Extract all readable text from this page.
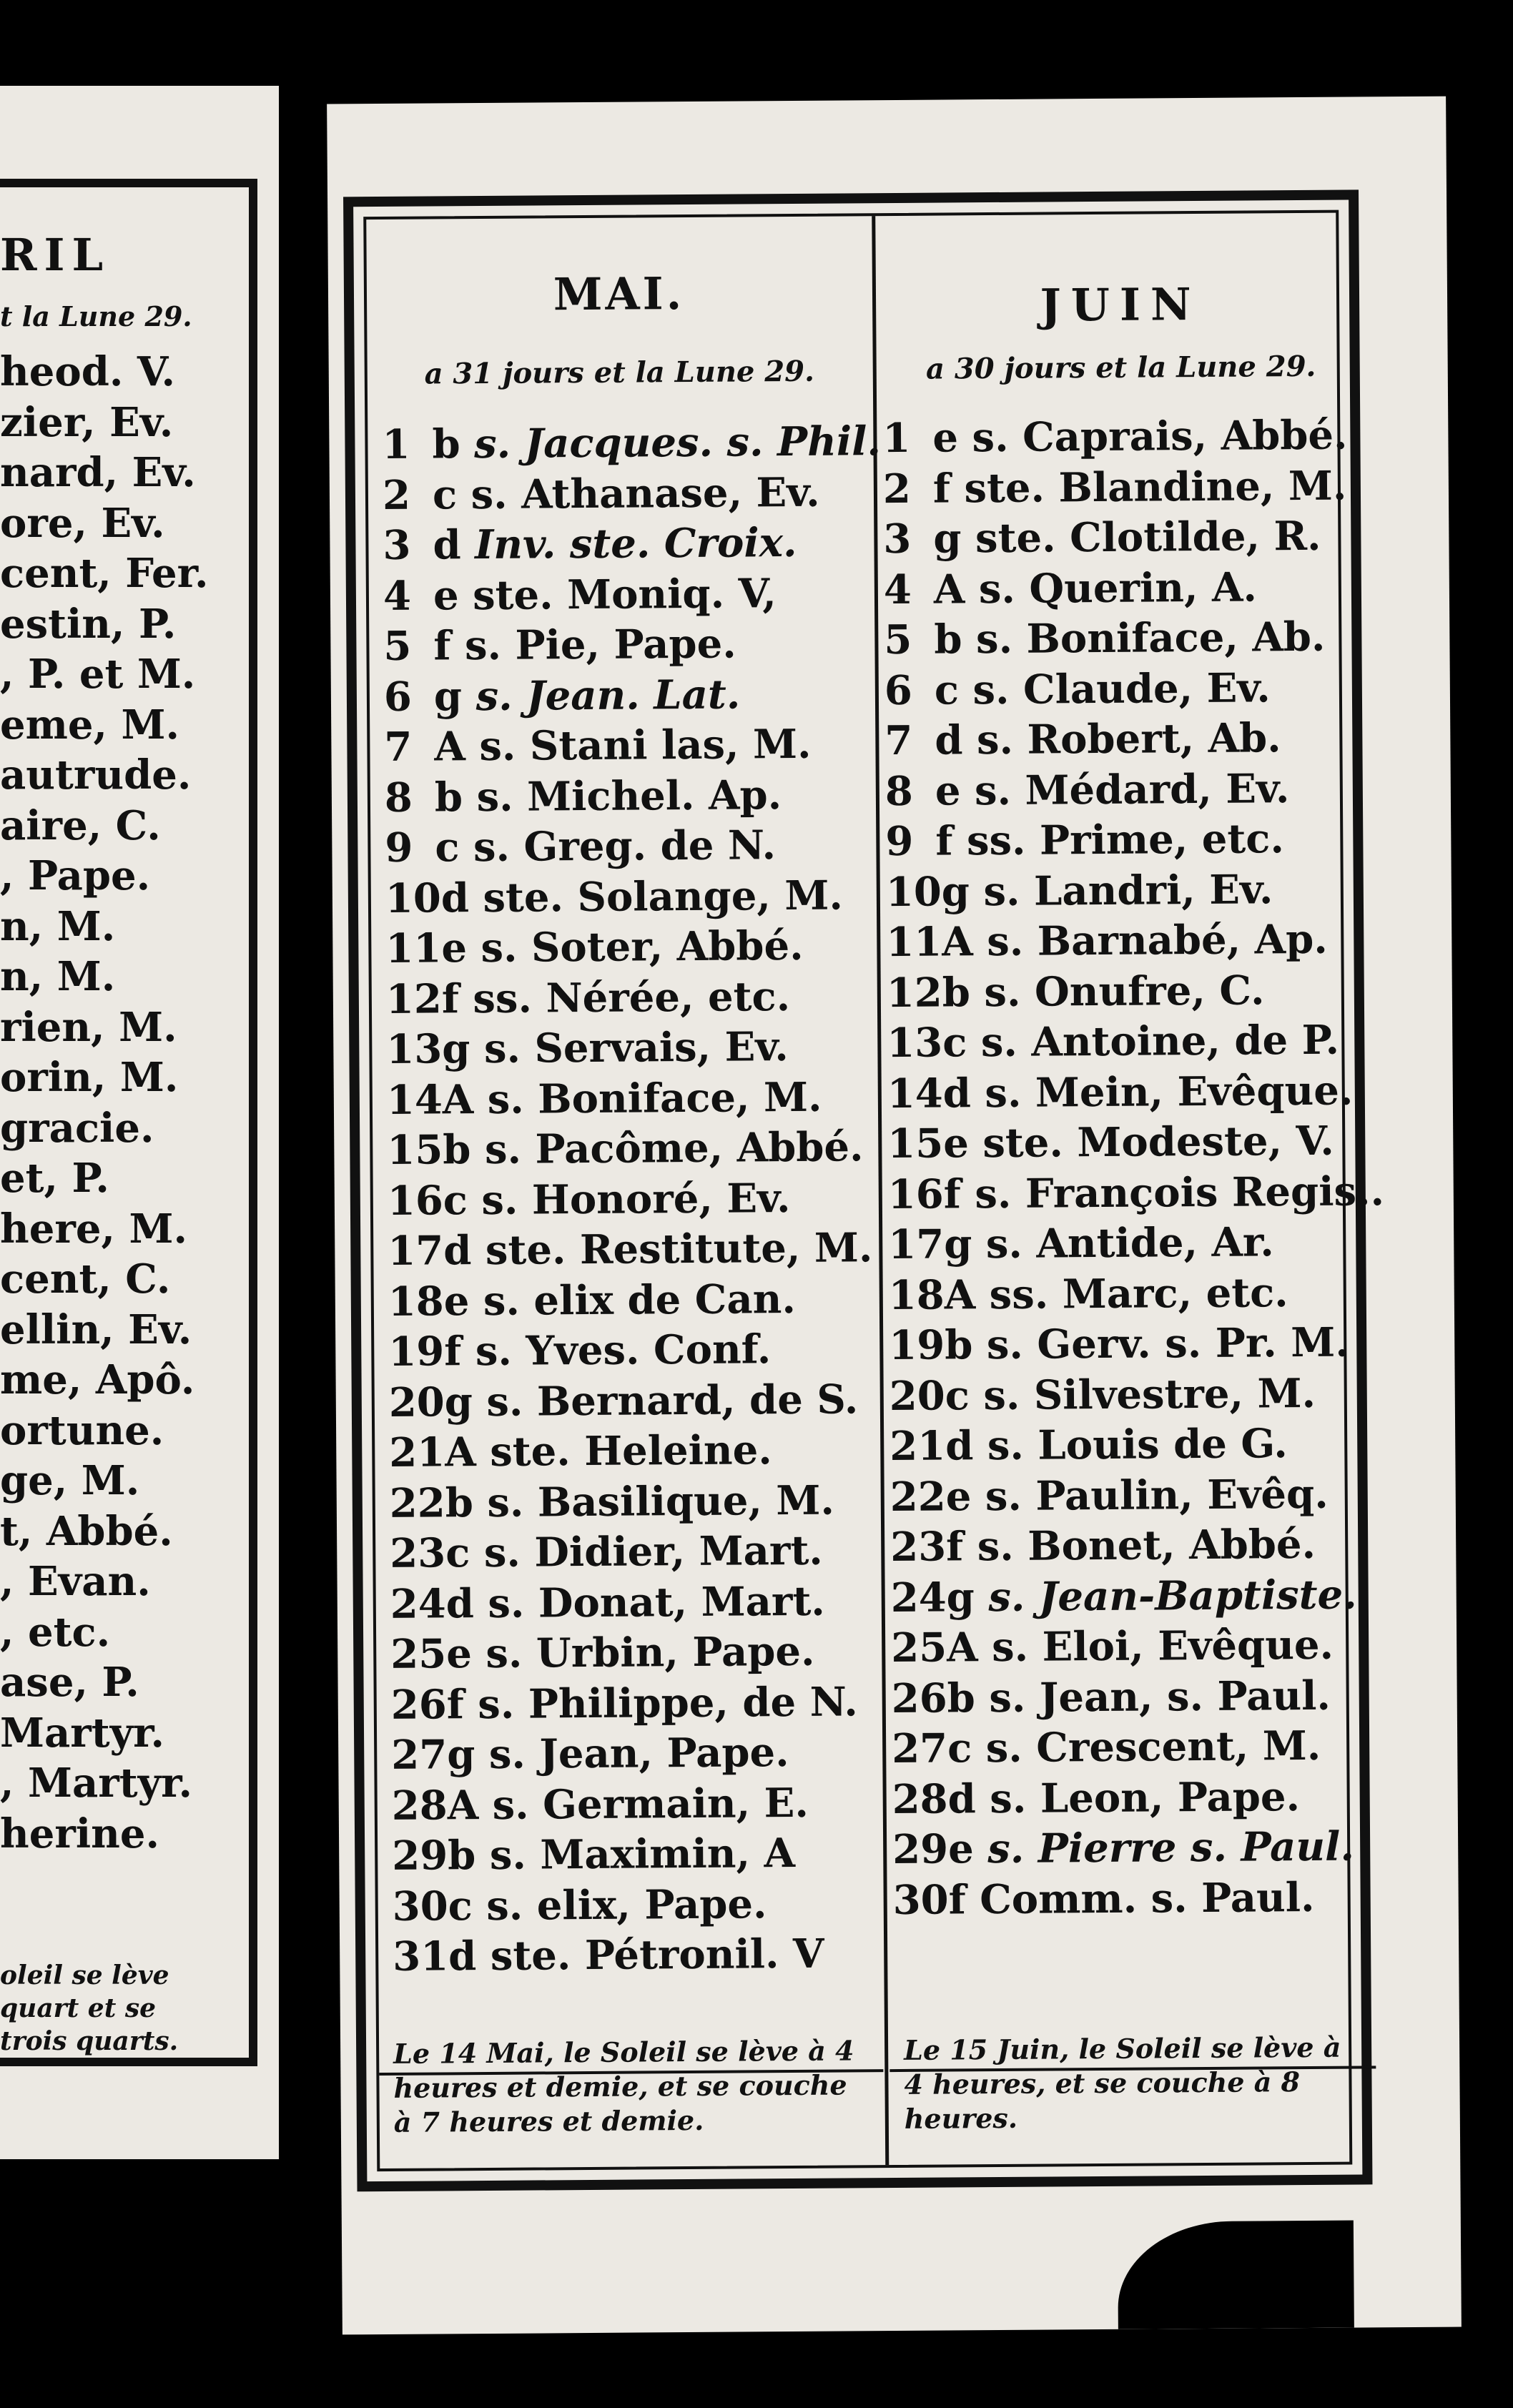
RIL
t la Lune 29.
heod. V.
zier, Ev.
nard, Ev.
ore, Ev.
cent, Fer.
estin, P.
, P. et M.
eme, M.
autrude.
aire, C.
, Pape.
n, M.
n, M.
rien, M.
orin, M.
gracie.
et, P.
here, M.
cent, C.
ellin, Ev.
me, Apô.
ortune.
ge, M.
t, Abbé.
, Evan.
, etc.
ase, P.
Martyr.
, Martyr.
herine.
oleil se lève
quart et se
trois quarts.
MAI.
a 31 jours et la Lune 29.
1 b s. Jacques. s. Phil.
2 c s. Athanase, Ev.
3 d Inv. ste. Croix.
4 e ste. Moniq. V,
5 f s. Pie, Pape.
6 g s. Jean. Lat.
7 A s. Stani las, M.
8 b s. Michel. Ap.
9 c s. Greg. de N.
10d ste. Solange, M.
11e s. Soter, Abbé.
12f ss. Nérée, etc.
13g s. Servais, Ev.
14A s. Boniface, M.
15b s. Pacôme, Abbé.
16c s. Honoré, Ev.
17d ste. Restitute, M.
18e s. elix de Can.
19f s. Yves. Conf.
20g s. Bernard, de S.
21A ste. Heleine.
22b s. Basilique, M.
23c s. Didier, Mart.
24d s. Donat, Mart.
25e s. Urbin, Pape.
26f s. Philippe, de N.
27g s. Jean, Pape.
28A s. Germain, E.
29b s. Maximin, A
30c s. elix, Pape.
31d ste. Pétronil. V
Le 14 Mai, le Soleil se lève à 4 heures et demie, et se couche à 7 heures et demie.
JUIN
a 30 jours et la Lune 29.
1 e s. Caprais, Abbé.
2 f ste. Blandine, M.
3 g ste. Clotilde, R.
4 A s. Querin, A.
5 b s. Boniface, Ab.
6 c s. Claude, Ev.
7 d s. Robert, Ab.
8 e s. Médard, Ev.
9 f ss. Prime, etc.
10g s. Landri, Ev.
11A s. Barnabé, Ap.
12b s. Onufre, C.
13c s. Antoine, de P.
14d s. Mein, Evêque.
15e ste. Modeste, V.
16f s. François Regis..
17g s. Antide, Ar.
18A ss. Marc, etc.
19b s. Gerv. s. Pr. M.
20c s. Silvestre, M.
21d s. Louis de G.
22e s. Paulin, Evêq.
23f s. Bonet, Abbé.
24g s. Jean-Baptiste.
25A s. Eloi, Evêque.
26b s. Jean, s. Paul.
27c s. Crescent, M.
28d s. Leon, Pape.
29e s. Pierre s. Paul.
30f Comm. s. Paul.
Le 15 Juin, le Soleil se lève à 4 heures, et se couche à 8 heures.
